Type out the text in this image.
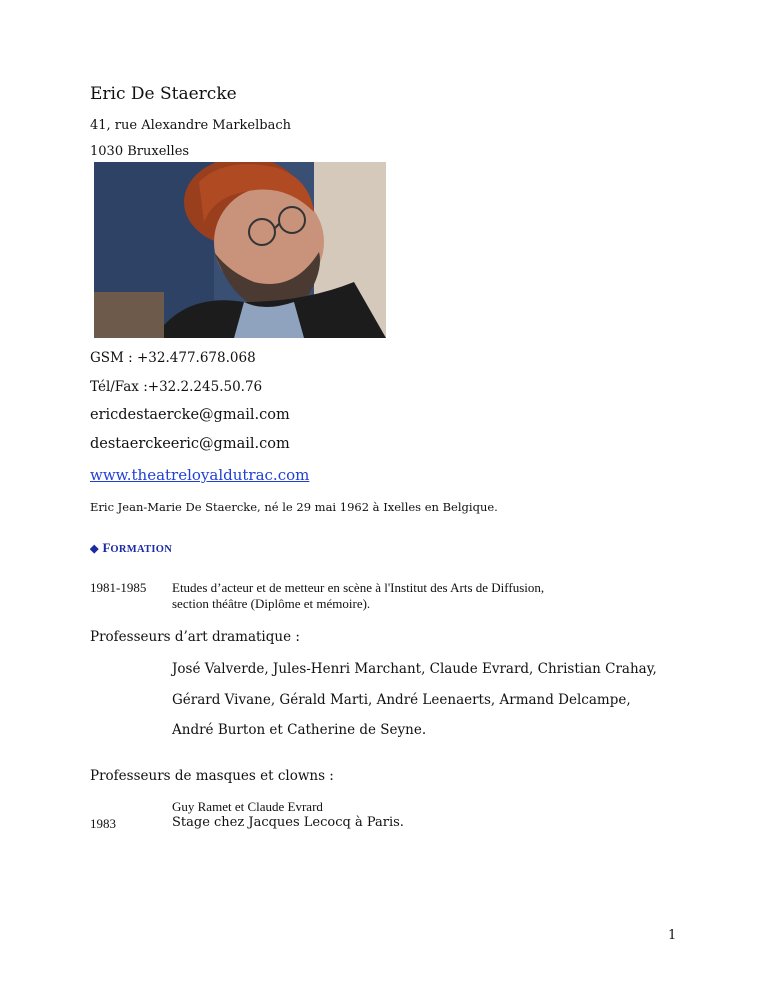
Eric De Staercke
41, rue Alexandre Markelbach
1030 Bruxelles
GSM : +32.477.678.068
Tél/Fax :+32.2.245.50.76
ericdestaercke@gmail.com
destaerckeeric@gmail.com
www.theatreloyaldutrac.com
Eric Jean-Marie De Staercke, né le 29 mai 1962 à Ixelles en Belgique.
◆ FORMATION
1981-1985 Etudes d’acteur et de metteur en scène à l'Institut des Arts de Diffusion,
section théâtre (Diplôme et mémoire).
Professeurs d’art dramatique :
José Valverde, Jules-Henri Marchant, Claude Evrard, Christian Crahay,
Gérard Vivane, Gérald Marti, André Leenaerts, Armand Delcampe,
André Burton et Catherine de Seyne.
Professeurs de masques et clowns :
Guy Ramet et Claude Evrard
1983	Stage chez Jacques Lecocq à Paris.
1
